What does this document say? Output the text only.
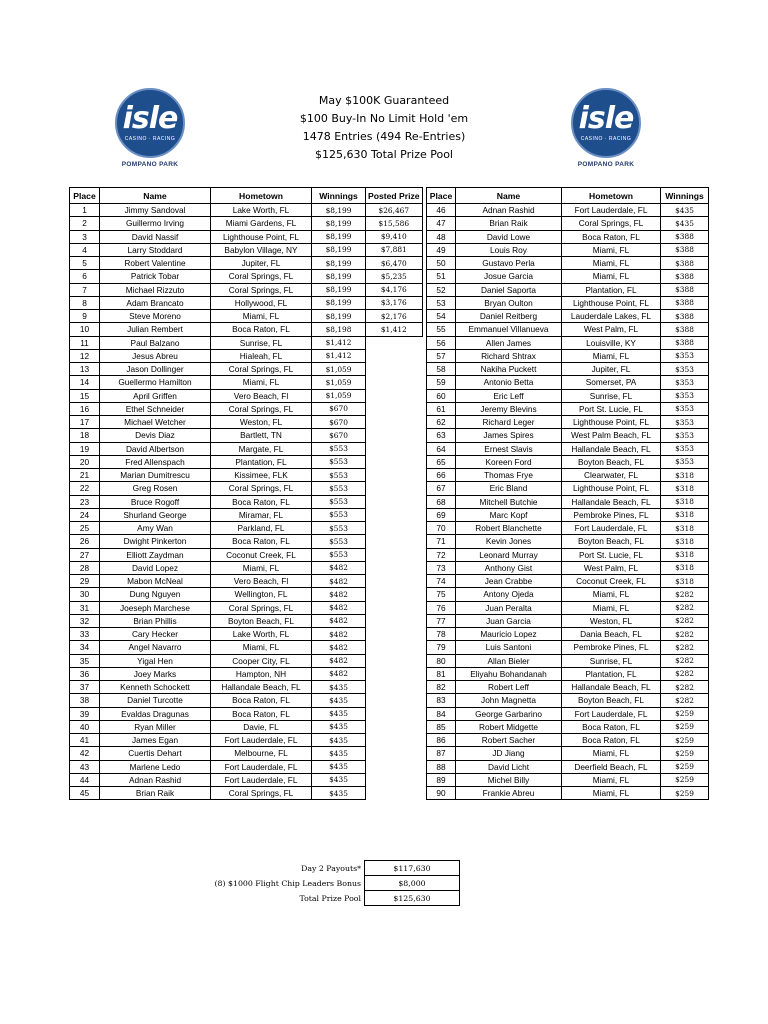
isle
CASINO · RACING
POMPANO PARK
May $100K Guaranteed
$100 Buy-In No Limit Hold 'em
1478 Entries (494 Re-Entries)
$125,630 Total Prize Pool
isle
CASINO · RACING
POMPANO PARK
Place	Name	Hometown	Winnings	Posted Prize
1	Jimmy Sandoval	Lake Worth, FL	$8,199	$26,467
2	Guillermo Irving	Miami Gardens, FL	$8,199	$15,586
3	David Nassif	Lighthouse Point, FL	$8,199	$9,410
4	Larry Stoddard	Babylon Village, NY	$8,199	$7,881
5	Robert Valentine	Jupiter, FL	$8,199	$6,470
6	Patrick Tobar	Coral Springs, FL	$8,199	$5,235
7	Michael Rizzuto	Coral Springs, FL	$8,199	$4,176
8	Adam Brancato	Hollywood, FL	$8,199	$3,176
9	Steve Moreno	Miami, FL	$8,199	$2,176
10	Julian Rembert	Boca Raton, FL	$8,198	$1,412
11	Paul Balzano	Sunrise, FL	$1,412	
12	Jesus Abreu	Hialeah, FL	$1,412	
13	Jason Dollinger	Coral Springs, FL	$1,059	
14	Guellermo Hamilton	Miami, FL	$1,059	
15	April Griffen	Vero Beach, Fl	$1,059	
16	Ethel Schneider	Coral Springs, FL	$670	
17	Michael Wetcher	Weston, FL	$670	
18	Devis Diaz	Bartlett, TN	$670	
19	David Albertson	Margate, FL	$553	
20	Fred Allenspach	Plantation, FL	$553	
21	Marian Dumitrescu	Kissimee, FLK	$553	
22	Greg Rosen	Coral Springs, FL	$553	
23	Bruce Rogoff	Boca Raton, FL	$553	
24	Shurland George	Miramar, FL	$553	
25	Amy Wan	Parkland, FL	$553	
26	Dwight Pinkerton	Boca Raton, FL	$553	
27	Elliott Zaydman	Coconut Creek, FL	$553	
28	David Lopez	Miami, FL	$482	
29	Mabon McNeal	Vero Beach, Fl	$482	
30	Dung Nguyen	Wellington, FL	$482	
31	Joeseph Marchese	Coral Springs, FL	$482	
32	Brian Phillis	Boyton Beach, FL	$482	
33	Cary Hecker	Lake Worth, FL	$482	
34	Angel Navarro	Miami, FL	$482	
35	Yigal Hen	Cooper City, FL	$482	
36	Joey Marks	Hampton, NH	$482	
37	Kenneth Schockett	Hallandale Beach, FL	$435	
38	Daniel Turcotte	Boca Raton, FL	$435	
39	Evaldas Dragunas	Boca Raton, FL	$435	
40	Ryan Miller	Davie, FL	$435	
41	James Egan	Fort Lauderdale, FL	$435	
42	Cuertis Dehart	Melbourne, FL	$435	
43	Marlene Ledo	Fort Lauderdale, FL	$435	
44	Adnan Rashid	Fort Lauderdale, FL	$435	
45	Brian Raik	Coral Springs, FL	$435	
Place	Name	Hometown	Winnings
46	Adnan Rashid	Fort Lauderdale, FL	$435
47	Brian Raik	Coral Springs, FL	$435
48	David Lowe	Boca Raton, FL	$388
49	Louis Roy	Miami, FL	$388
50	Gustavo Perla	Miami, FL	$388
51	Josue Garcia	Miami, FL	$388
52	Daniel Saporta	Plantation, FL	$388
53	Bryan Oulton	Lighthouse Point, FL	$388
54	Daniel Reitberg	Lauderdale Lakes, FL	$388
55	Emmanuel Villanueva	West Palm, FL	$388
56	Allen James	Louisville, KY	$388
57	Richard Shtrax	Miami, FL	$353
58	Nakiha Puckett	Jupiter, FL	$353
59	Antonio Betta	Somerset, PA	$353
60	Eric Leff	Sunrise, FL	$353
61	Jeremy Blevins	Port St. Lucie, FL	$353
62	Richard Leger	Lighthouse Point, FL	$353
63	James Spires	West Palm Beach, FL	$353
64	Ernest Slavis	Hallandale Beach, FL	$353
65	Koreen Ford	Boyton Beach, FL	$353
66	Thomas Frye	Clearwater, FL	$318
67	Eric Bland	Lighthouse Point, FL	$318
68	Mitchell Butchie	Hallandale Beach, FL	$318
69	Marc Kopf	Pembroke Pines, FL	$318
70	Robert Blanchette	Fort Lauderdale, FL	$318
71	Kevin Jones	Boyton Beach, FL	$318
72	Leonard Murray	Port St. Lucie, FL	$318
73	Anthony Gist	West Palm, FL	$318
74	Jean Crabbe	Coconut Creek, FL	$318
75	Antony Ojeda	Miami, FL	$282
76	Juan Peralta	Miami, FL	$282
77	Juan Garcia	Weston, FL	$282
78	Mauricio Lopez	Dania Beach, FL	$282
79	Luis Santoni	Pembroke Pines, FL	$282
80	Allan Bieler	Sunrise, FL	$282
81	Eliyahu Bohandanah	Plantation, FL	$282
82	Robert Leff	Hallandale Beach, FL	$282
83	John Magnetta	Boyton Beach, FL	$282
84	George Garbarino	Fort Lauderdale, FL	$259
85	Robert Midgette	Boca Raton, FL	$259
86	Robert Sacher	Boca Raton, FL	$259
87	JD Jiang	Miami, FL	$259
88	David Licht	Deerfield Beach, FL	$259
89	Michel Billy	Miami, FL	$259
90	Frankie Abreu	Miami, FL	$259
Day 2 Payouts*	$117,630
(8) $1000 Flight Chip Leaders Bonus	$8,000
Total Prize Pool	$125,630
